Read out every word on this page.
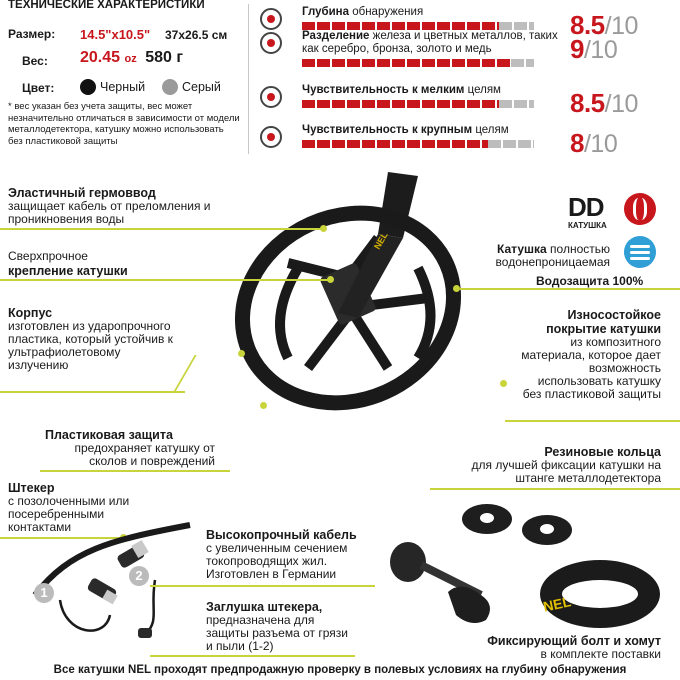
ТЕХНИЧЕСКИЕ ХАРАКТЕРИСТИКИ
Размер: 14.5"x10.5" 37x26.5 см
Вес: 20.45 oz 580 г
Цвет:	Черный	Серый
* вес указан без учета защиты, вес может незначительно отличаться в зависимости от модели металлодетектора, катушку можно использовать без пластиковой защиты
Глубина обнаружения	8.5/10
Разделение железа и цветных металлов, таких как серебро, бронза, золото и медь	9/10
Чувствительность к мелким целям	8.5/10
Чувствительность к крупным целям	8/10
NEL
Эластичный гермоввод
защищает кабель от преломления и проникновения воды
Сверхпрочное
крепление катушки
Корпус
изготовлен из ударопрочного пластика, который устойчив к ультрафиолетовому излучению
Пластиковая защита
предохраняет катушку от сколов и повреждений
Штекер
с позолоченными или посеребренными контактами
1
2
Высокопрочный кабель
с увеличенным сечением токопроводящих жил. Изготовлен в Германии
Заглушка штекера,
предназначена для защиты разъема от грязи и пыли (1-2)
DD
КАТУШКА
Катушка полностью водонепроницаемая
Водозащита 100%
Износостойкое покрытие катушки
из композитного материала, которое дает возможность использовать катушку без пластиковой защиты
Резиновые кольца
для лучшей фиксации катушки на штанге металлодетектора
NEL
Фиксирующий болт и хомут
в комплекте поставки
Все катушки NEL проходят предпродажную проверку в полевых условиях на глубину обнаружения
